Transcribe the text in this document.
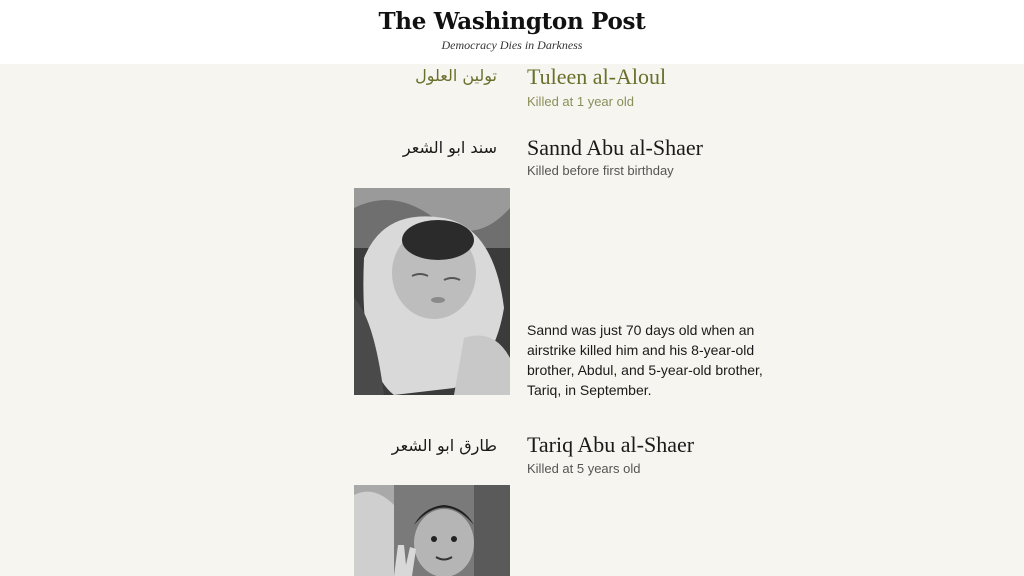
The Washington Post
Democracy Dies in Darkness
تولين العلول Tuleen al-Aloul
Killed at 1 year old
سند ابو الشعر Sannd Abu al-Shaer
Killed before first birthday
Sannd was just 70 days old when an airstrike killed him and his 8-year-old brother, Abdul, and 5-year-old brother, Tariq, in September.
طارق ابو الشعر Tariq Abu al-Shaer
Killed at 5 years old
